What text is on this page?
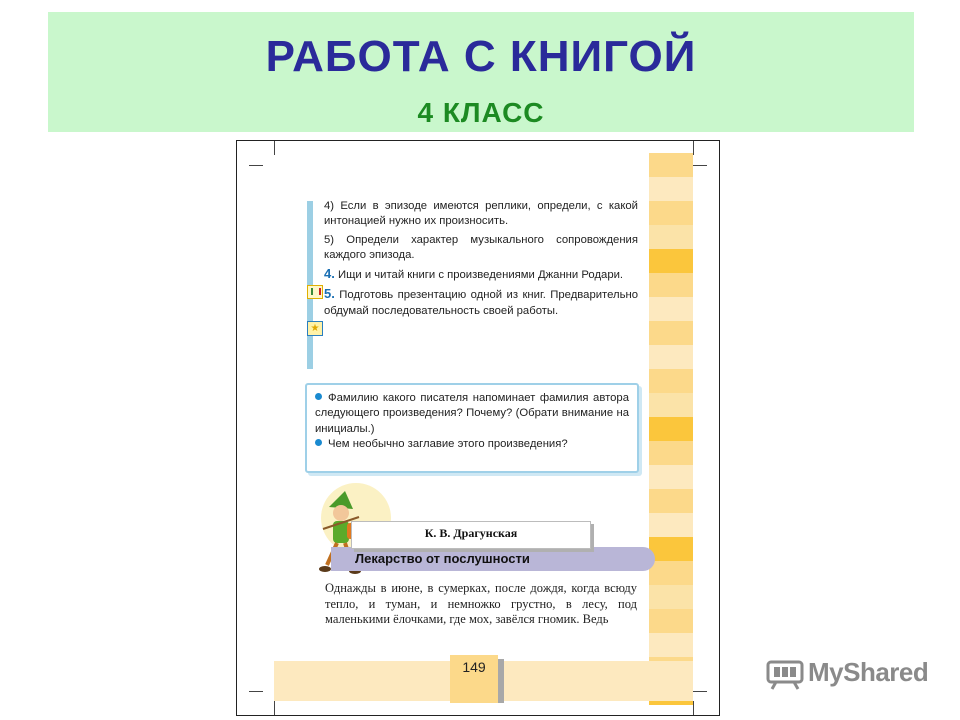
РАБОТА С КНИГОЙ
4 КЛАСС
★

4) Если в эпизоде имеются реплики, определи, с какой интонацией нужно их произносить.

5) Определи характер музыкального сопровождения каждого эпизода.

4. Ищи и читай книги с произведениями Джанни Родари.

5. Подготовь презентацию одной из книг. Предварительно обдумай последовательность своей работы.

Фамилию какого писателя напоминает фамилия автора следующего произведения? Почему? (Обрати внимание на инициалы.)

Чем необычно заглавие этого произведения?

К. В. Драгунская
Лекарство от послушности
Однажды в июне, в сумерках, после дождя, когда всюду тепло, и туман, и немножко грустно, в лесу, под маленькими ёлочками, где мох, завёлся гномик. Ведь
149	MyShared
